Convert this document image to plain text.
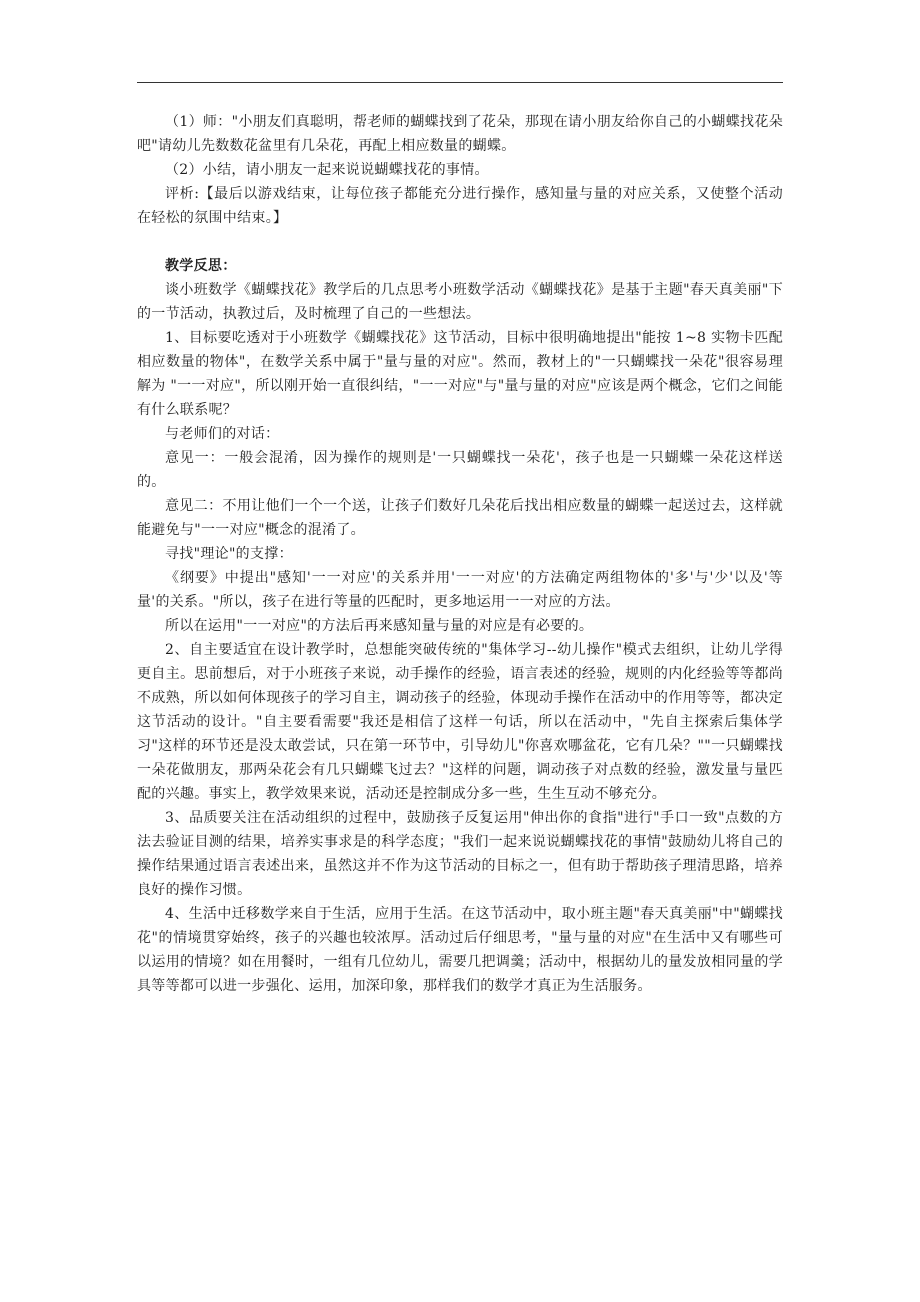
（1）师："小朋友们真聪明，帮老师的蝴蝶找到了花朵，那现在请小朋友给你自己的小蝴蝶找花朵吧"请幼儿先数数花盆里有几朵花，再配上相应数量的蝴蝶。

（2）小结，请小朋友一起来说说蝴蝶找花的事情。

评析:【最后以游戏结束，让每位孩子都能充分进行操作，感知量与量的对应关系，又使整个活动在轻松的氛围中结束。】

教学反思：

谈小班数学《蝴蝶找花》教学后的几点思考小班数学活动《蝴蝶找花》是基于主题"春天真美丽"下的一节活动，执教过后，及时梳理了自己的一些想法。

1、目标要吃透对于小班数学《蝴蝶找花》这节活动，目标中很明确地提出"能按 1~8 实物卡匹配相应数量的物体"，在数学关系中属于"量与量的对应"。然而，教材上的"一只蝴蝶找一朵花"很容易理解为 "一一对应"，所以刚开始一直很纠结，"一一对应"与"量与量的对应"应该是两个概念，它们之间能有什么联系呢？

与老师们的对话：

意见一：一般会混淆，因为操作的规则是'一只蝴蝶找一朵花'，孩子也是一只蝴蝶一朵花这样送的。

意见二：不用让他们一个一个送，让孩子们数好几朵花后找出相应数量的蝴蝶一起送过去，这样就能避免与"一一对应"概念的混淆了。

寻找"理论"的支撑：

《纲要》中提出"感知'一一对应'的关系并用'一一对应'的方法确定两组物体的'多'与'少'以及'等量'的关系。"所以，孩子在进行等量的匹配时，更多地运用一一对应的方法。

所以在运用"一一对应"的方法后再来感知量与量的对应是有必要的。

2、自主要适宜在设计教学时，总想能突破传统的"集体学习--幼儿操作"模式去组织，让幼儿学得更自主。思前想后，对于小班孩子来说，动手操作的经验，语言表述的经验，规则的内化经验等等都尚不成熟，所以如何体现孩子的学习自主，调动孩子的经验，体现动手操作在活动中的作用等等，都决定这节活动的设计。"自主要看需要"我还是相信了这样一句话，所以在活动中，"先自主探索后集体学习"这样的环节还是没太敢尝试，只在第一环节中，引导幼儿"你喜欢哪盆花，它有几朵？""一只蝴蝶找一朵花做朋友，那两朵花会有几只蝴蝶飞过去？"这样的问题，调动孩子对点数的经验，激发量与量匹配的兴趣。事实上，教学效果来说，活动还是控制成分多一些，生生互动不够充分。

3、品质要关注在活动组织的过程中，鼓励孩子反复运用"伸出你的食指"进行"手口一致"点数的方法去验证目测的结果，培养实事求是的科学态度；"我们一起来说说蝴蝶找花的事情"鼓励幼儿将自己的操作结果通过语言表述出来，虽然这并不作为这节活动的目标之一，但有助于帮助孩子理清思路，培养良好的操作习惯。

4、生活中迁移数学来自于生活，应用于生活。在这节活动中，取小班主题"春天真美丽"中"蝴蝶找花"的情境贯穿始终，孩子的兴趣也较浓厚。活动过后仔细思考，"量与量的对应"在生活中又有哪些可以运用的情境？如在用餐时，一组有几位幼儿，需要几把调羹；活动中，根据幼儿的量发放相同量的学具等等都可以进一步强化、运用，加深印象，那样我们的数学才真正为生活服务。
